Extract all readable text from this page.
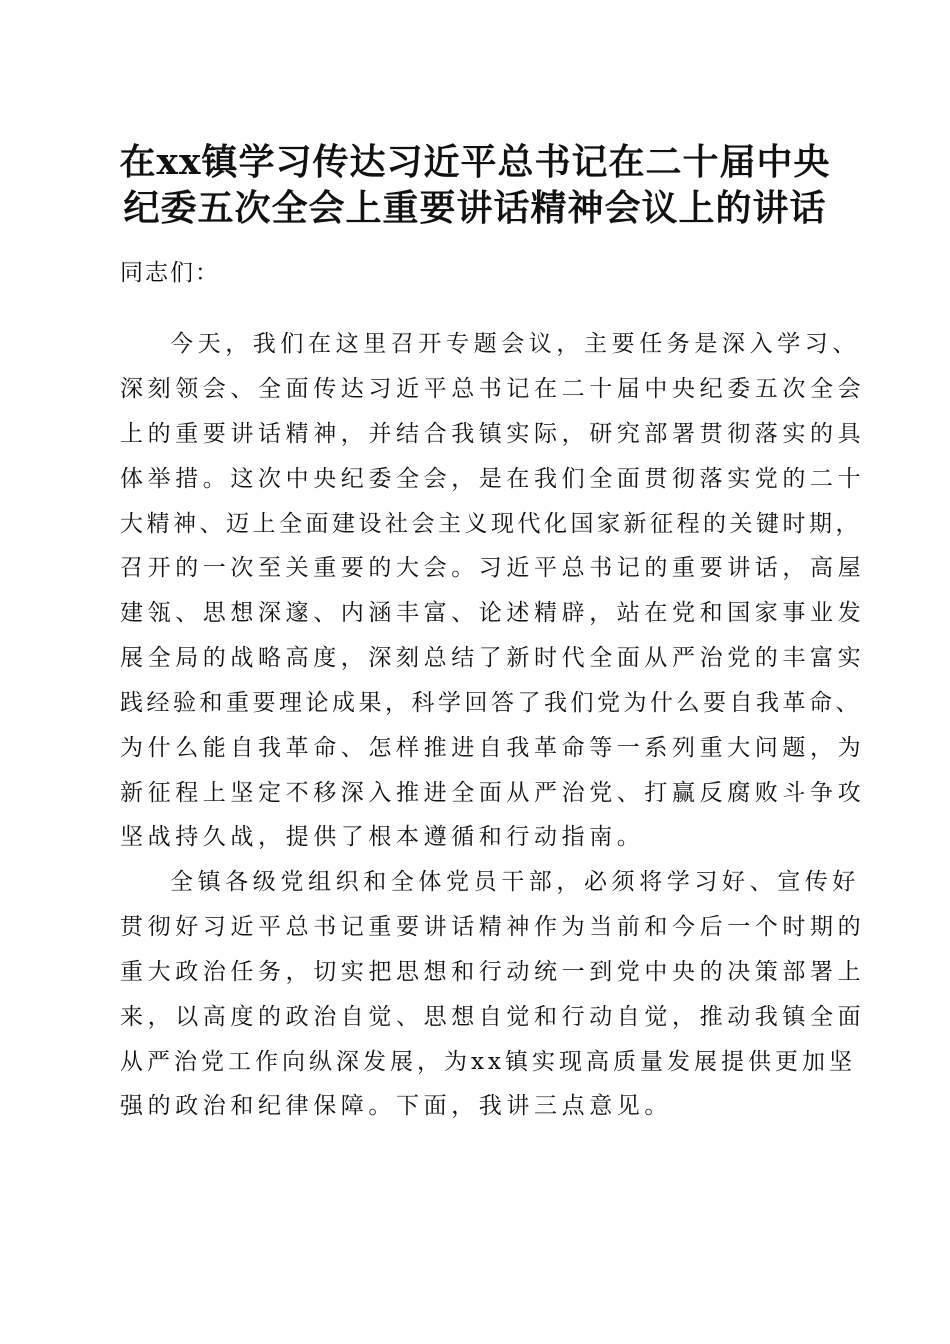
在xx镇学习传达习近平总书记在二十届中央
纪委五次全会上重要讲话精神会议上的讲话

同志们：

今天，我们在这里召开专题会议，主要任务是深入学习、

深刻领会、全面传达习近平总书记在二十届中央纪委五次全会

上的重要讲话精神，并结合我镇实际，研究部署贯彻落实的具

体举措。这次中央纪委全会，是在我们全面贯彻落实党的二十

大精神、迈上全面建设社会主义现代化国家新征程的关键时期，

召开的一次至关重要的大会。习近平总书记的重要讲话，高屋

建瓴、思想深邃、内涵丰富、论述精辟，站在党和国家事业发

展全局的战略高度，深刻总结了新时代全面从严治党的丰富实

践经验和重要理论成果，科学回答了我们党为什么要自我革命、

为什么能自我革命、怎样推进自我革命等一系列重大问题，为

新征程上坚定不移深入推进全面从严治党、打赢反腐败斗争攻

坚战持久战，提供了根本遵循和行动指南。

全镇各级党组织和全体党员干部，必须将学习好、宣传好

贯彻好习近平总书记重要讲话精神作为当前和今后一个时期的

重大政治任务，切实把思想和行动统一到党中央的决策部署上

来，以高度的政治自觉、思想自觉和行动自觉，推动我镇全面

从严治党工作向纵深发展，为xx镇实现高质量发展提供更加坚

强的政治和纪律保障。下面，我讲三点意见。
